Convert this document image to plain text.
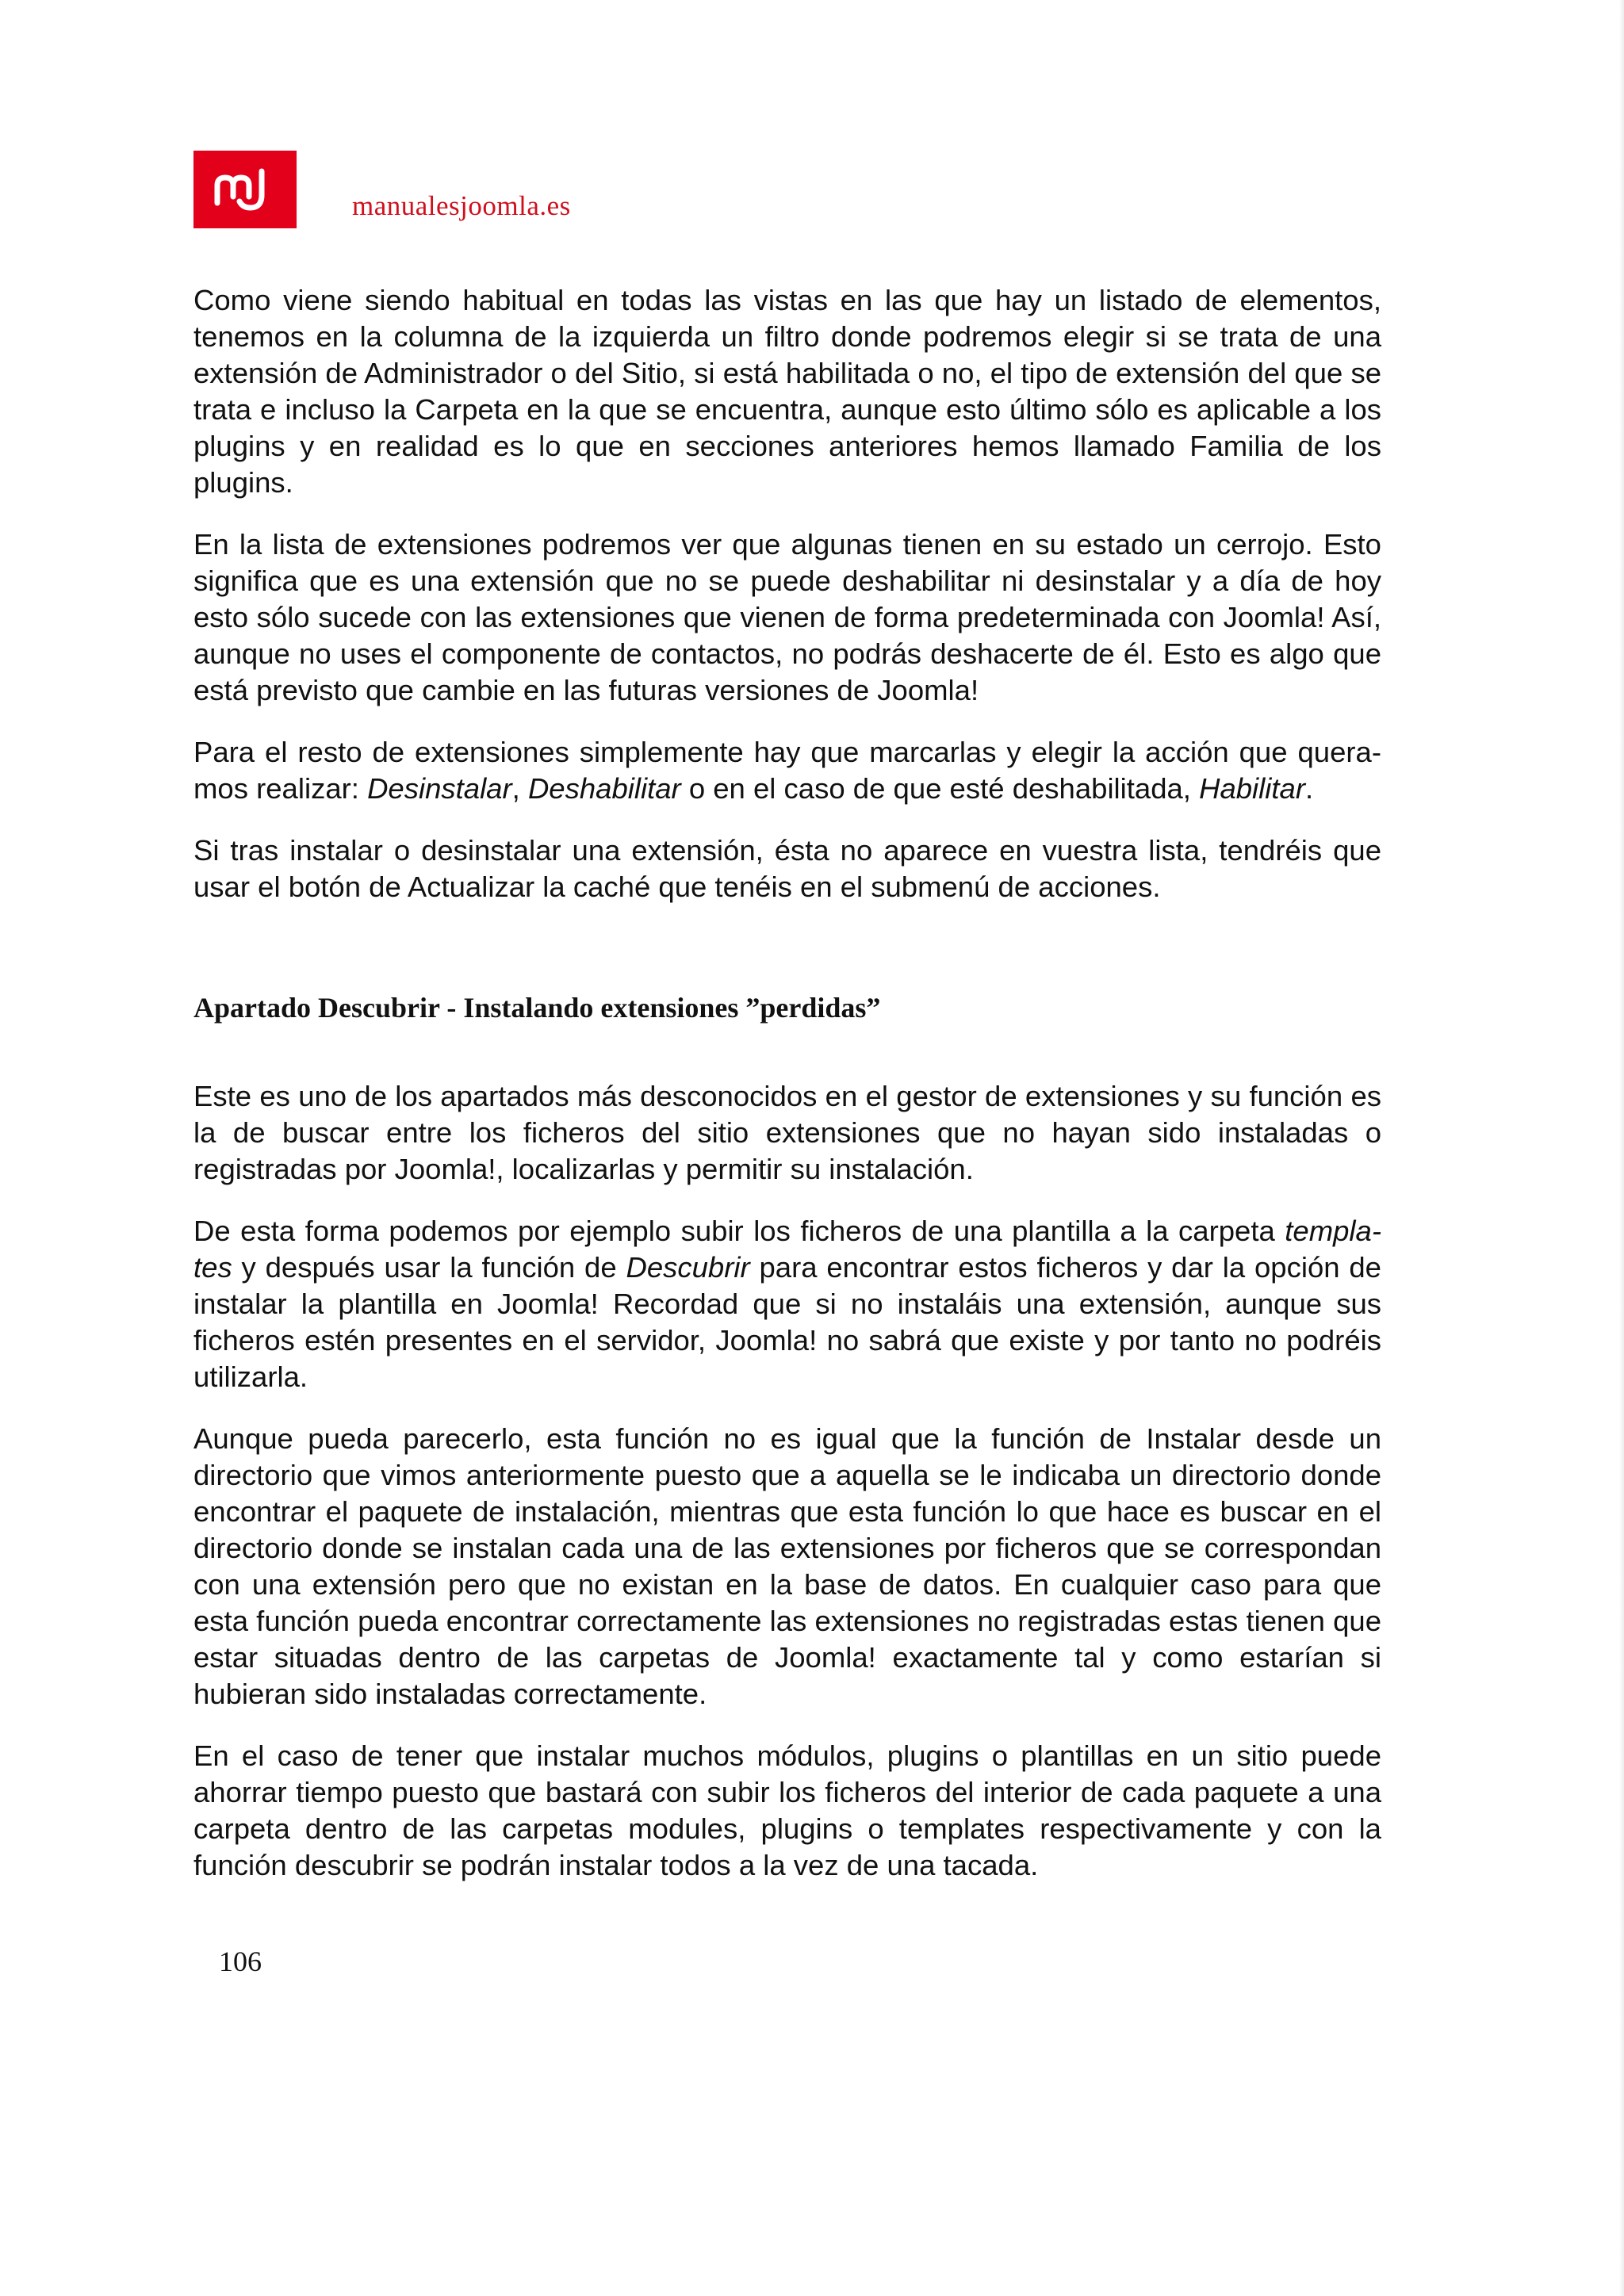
manualesjoomla.es

Como viene siendo habitual en todas las vistas en las que hay un listado de elementos, tenemos en la columna de la izquierda un filtro donde podremos elegir si se trata de una extensión de Administrador o del Sitio, si está habilitada o no, el tipo de extensión del que se trata e incluso la Carpeta en la que se encuentra, aunque esto último sólo es aplicable a los plugins y en realidad es lo que en secciones anteriores hemos llamado Familia de los plugins.

En la lista de extensiones podremos ver que algunas tienen en su estado un cerrojo. Esto significa que es una extensión que no se puede deshabilitar ni desinstalar y a día de hoy esto sólo sucede con las extensiones que vienen de forma predeterminada con Joomla! Así, aunque no uses el componente de contactos, no podrás deshacerte de él. Esto es algo que está previsto que cambie en las futuras versiones de Joomla!

Para el resto de extensiones simplemente hay que marcarlas y elegir la acción que queramos realizar: Desinstalar, Deshabilitar o en el caso de que esté deshabilitada, Habilitar.

Si tras instalar o desinstalar una extensión, ésta no aparece en vuestra lista, tendréis que usar el botón de Actualizar la caché que tenéis en el submenú de acciones.

Apartado Descubrir - Instalando extensiones ”perdidas”

Este es uno de los apartados más desconocidos en el gestor de extensiones y su función es la de buscar entre los ficheros del sitio extensiones que no hayan sido instaladas o registradas por Joomla!, localizarlas y permitir su instalación.

De esta forma podemos por ejemplo subir los ficheros de una plantilla a la carpeta templates y después usar la función de Descubrir para encontrar estos ficheros y dar la opción de instalar la plantilla en Joomla! Recordad que si no instaláis una extensión, aunque sus ficheros estén presentes en el servidor, Joomla! no sabrá que existe y por tanto no podréis utilizarla.

Aunque pueda parecerlo, esta función no es igual que la función de Instalar desde un directorio que vimos anteriormente puesto que a aquella se le indicaba un directorio donde encontrar el paquete de instalación, mientras que esta función lo que hace es buscar en el directorio donde se instalan cada una de las extensiones por ficheros que se correspondan con una extensión pero que no existan en la base de datos. En cualquier caso para que esta función pueda encontrar correctamente las extensiones no registradas estas tienen que estar situadas dentro de las carpetas de Joomla! exactamente tal y como estarían si hubieran sido instaladas correctamente.

En el caso de tener que instalar muchos módulos, plugins o plantillas en un sitio puede ahorrar tiempo puesto que bastará con subir los ficheros del interior de cada paquete a una carpeta dentro de las carpetas modules, plugins o templates respectivamente y con la función descubrir se podrán instalar todos a la vez de una tacada.

106
